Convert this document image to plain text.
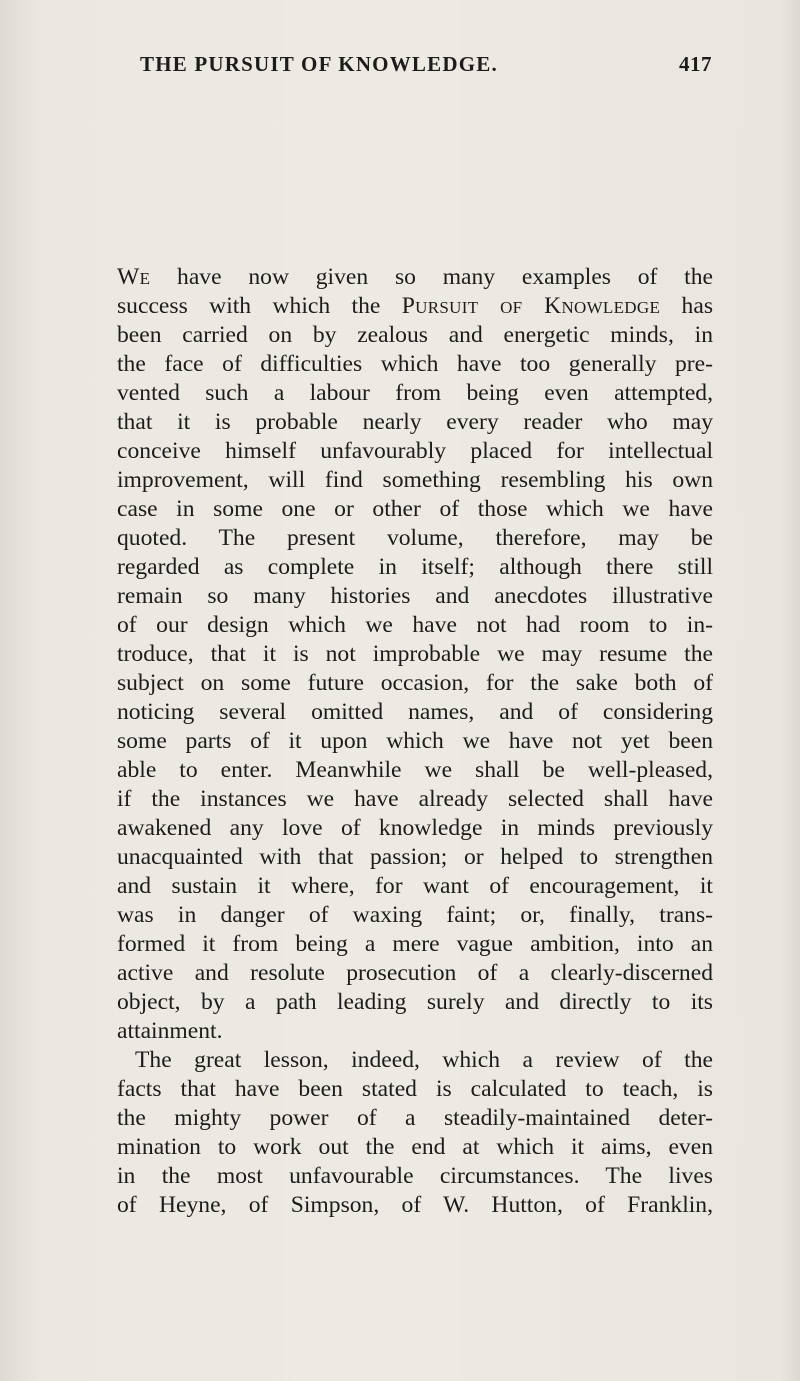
THE PURSUIT OF KNOWLEDGE.	417
We have now given so many examples of the
success with which the Pursuit of Knowledge has
been carried on by zealous and energetic minds, in
the face of difficulties which have too generally pre-
vented such a labour from being even attempted,
that it is probable nearly every reader who may
conceive himself unfavourably placed for intellectual
improvement, will find something resembling his own
case in some one or other of those which we have
quoted. The present volume, therefore, may be
regarded as complete in itself; although there still
remain so many histories and anecdotes illustrative
of our design which we have not had room to in-
troduce, that it is not improbable we may resume the
subject on some future occasion, for the sake both of
noticing several omitted names, and of considering
some parts of it upon which we have not yet been
able to enter. Meanwhile we shall be well-pleased,
if the instances we have already selected shall have
awakened any love of knowledge in minds previously
unacquainted with that passion; or helped to strengthen
and sustain it where, for want of encouragement, it
was in danger of waxing faint; or, finally, trans-
formed it from being a mere vague ambition, into an
active and resolute prosecution of a clearly-discerned
object, by a path leading surely and directly to its
attainment.
The great lesson, indeed, which a review of the
facts that have been stated is calculated to teach, is
the mighty power of a steadily-maintained deter-
mination to work out the end at which it aims, even
in the most unfavourable circumstances. The lives
of Heyne, of Simpson, of W. Hutton, of Franklin,
